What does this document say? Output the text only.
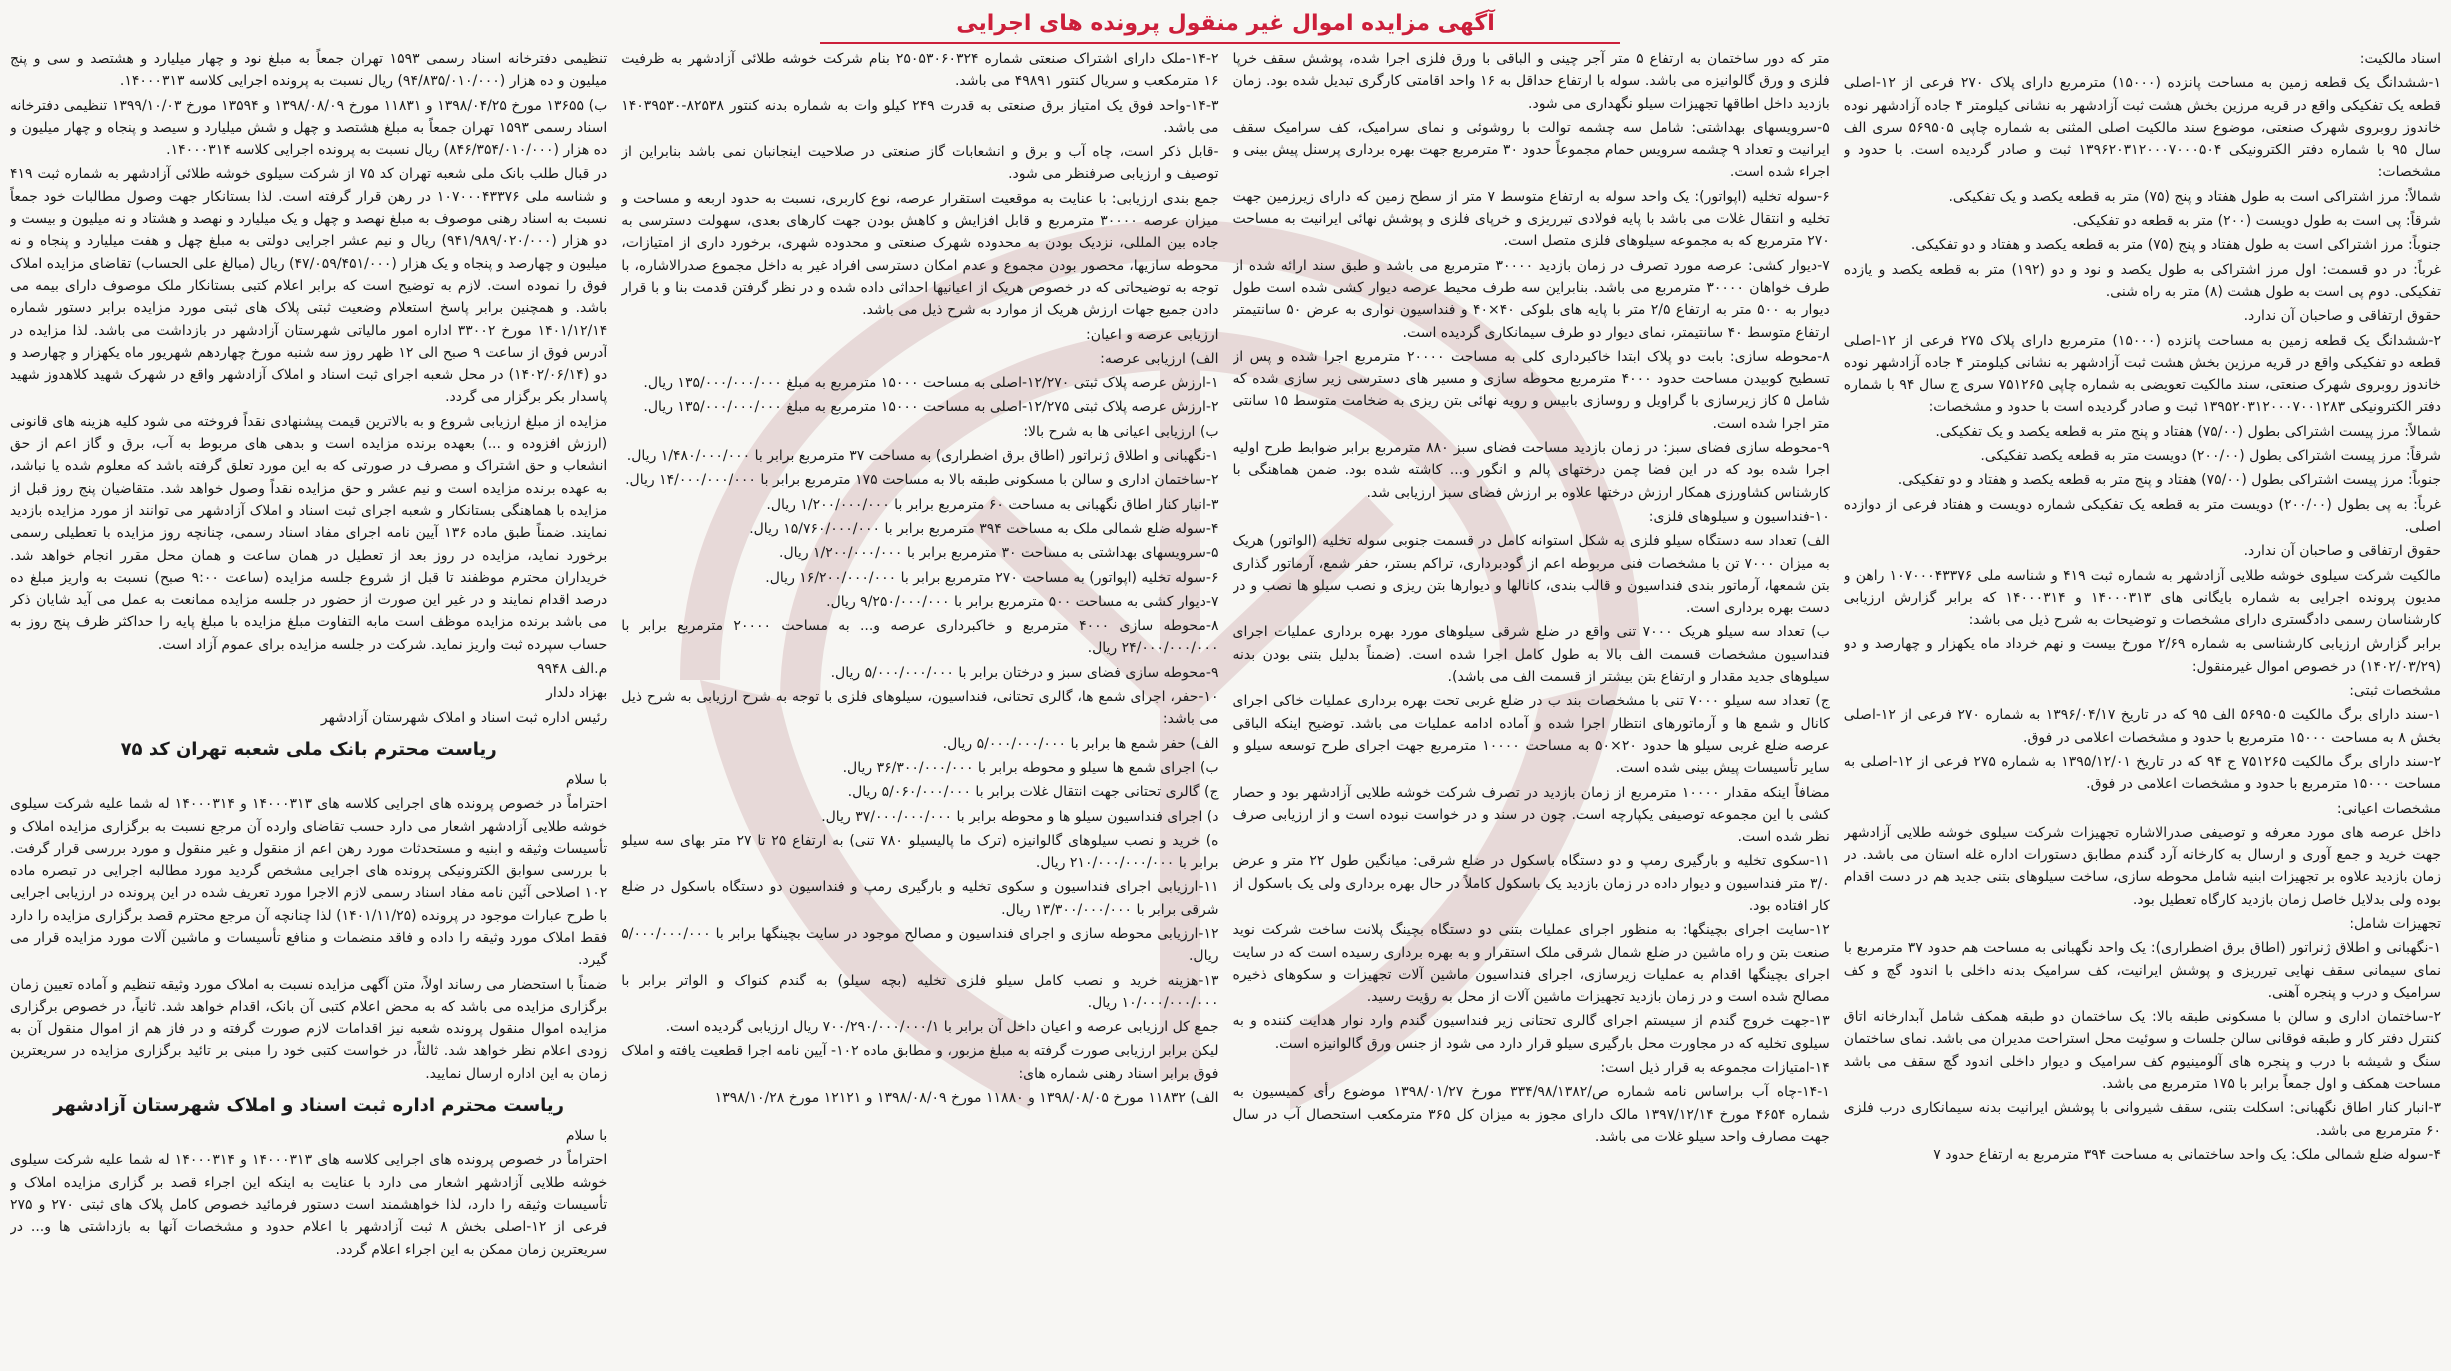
آگهی مزایده اموال غیر منقول پرونده های اجرایی

اسناد مالکیت:

۱-ششدانگ یک قطعه زمین به مساحت پانزده (۱۵۰۰۰) مترمربع دارای پلاک ۲۷۰ فرعی از ۱۲-اصلی قطعه یک تفکیکی واقع در قریه مرزین بخش هشت ثبت آزادشهر به نشانی کیلومتر ۴ جاده آزادشهر نوده خاندوز روبروی شهرک صنعتی، موضوع سند مالکیت اصلی المثنی به شماره چاپی ۵۶۹۵۰۵ سری الف سال ۹۵ با شماره دفتر الکترونیکی ۱۳۹۶۲۰۳۱۲۰۰۰۷۰۰۰۵۰۴ ثبت و صادر گردیده است. با حدود و مشخصات:

شمالاً: مرز اشتراکی است به طول هفتاد و پنج (۷۵) متر به قطعه یکصد و یک تفکیکی.

شرقاً: پی است به طول دویست (۲۰۰) متر به قطعه دو تفکیکی.

جنوباً: مرز اشتراکی است به طول هفتاد و پنج (۷۵) متر به قطعه یکصد و هفتاد و دو تفکیکی.

غرباً: در دو قسمت: اول مرز اشتراکی به طول یکصد و نود و دو (۱۹۲) متر به قطعه یکصد و یازده تفکیکی. دوم پی است به طول هشت (۸) متر به راه شنی.

حقوق ارتفاقی و صاحبان آن ندارد.

۲-ششدانگ یک قطعه زمین به مساحت پانزده (۱۵۰۰۰) مترمربع دارای پلاک ۲۷۵ فرعی از ۱۲-اصلی قطعه دو تفکیکی واقع در قریه مرزین بخش هشت ثبت آزادشهر به نشانی کیلومتر ۴ جاده آزادشهر نوده خاندوز روبروی شهرک صنعتی، سند مالکیت تعویضی به شماره چاپی ۷۵۱۲۶۵ سری ج سال ۹۴ با شماره دفتر الکترونیکی ۱۳۹۵۲۰۳۱۲۰۰۰۷۰۰۱۲۸۳ ثبت و صادر گردیده است با حدود و مشخصات:

شمالاً: مرز پیست اشتراکی بطول (۷۵/۰۰) هفتاد و پنج متر به قطعه یکصد و یک تفکیکی.

شرقاً: مرز پیست اشتراکی بطول (۲۰۰/۰۰) دویست متر به قطعه یکصد تفکیکی.

جنوباً: مرز پیست اشتراکی بطول (۷۵/۰۰) هفتاد و پنج متر به قطعه یکصد و هفتاد و دو تفکیکی.

غرباً: به پی بطول (۲۰۰/۰۰) دویست متر به قطعه یک تفکیکی شماره دویست و هفتاد فرعی از دوازده اصلی.

حقوق ارتفاقی و صاحبان آن ندارد.

مالکیت شرکت سیلوی خوشه طلایی آزادشهر به شماره ثبت ۴۱۹ و شناسه ملی ۱۰۷۰۰۰۴۳۳۷۶ راهن و مدیون پرونده اجرایی به شماره بایگانی های ۱۴۰۰۰۳۱۳ و ۱۴۰۰۰۳۱۴ که برابر گزارش ارزیابی کارشناسان رسمی دادگستری دارای مشخصات و توضیحات به شرح ذیل می باشد:

برابر گزارش ارزیابی کارشناسی به شماره ۲/۶۹ مورخ بیست و نهم خرداد ماه یکهزار و چهارصد و دو (۱۴۰۲/۰۳/۲۹) در خصوص اموال غیرمنقول:

مشخصات ثبتی:

۱-سند دارای برگ مالکیت ۵۶۹۵۰۵ الف ۹۵ که در تاریخ ۱۳۹۶/۰۴/۱۷ به شماره ۲۷۰ فرعی از ۱۲-اصلی بخش ۸ به مساحت ۱۵۰۰۰ مترمربع با حدود و مشخصات اعلامی در فوق.

۲-سند دارای برگ مالکیت ۷۵۱۲۶۵ ج ۹۴ که در تاریخ ۱۳۹۵/۱۲/۰۱ به شماره ۲۷۵ فرعی از ۱۲-اصلی به مساحت ۱۵۰۰۰ مترمربع با حدود و مشخصات اعلامی در فوق.

مشخصات اعیانی:

داخل عرصه های مورد معرفه و توصیفی صدرالاشاره تجهیزات شرکت سیلوی خوشه طلایی آزادشهر جهت خرید و جمع آوری و ارسال به کارخانه آرد گندم مطابق دستورات اداره غله استان می باشد. در زمان بازدید علاوه بر تجهیزات ابنیه شامل محوطه سازی، ساخت سیلوهای بتنی جدید هم در دست اقدام بوده ولی بدلایل خاصل زمان بازدید کارگاه تعطیل بود.

تجهیزات شامل:

۱-نگهبانی و اطلاق ژنراتور (اطاق برق اضطراری): یک واحد نگهبانی به مساحت هم حدود ۳۷ مترمربع با نمای سیمانی سقف نهایی تیرریزی و پوشش ایرانیت، کف سرامیک بدنه داخلی با اندود گچ و کف سرامیک و درب و پنجره آهنی.

۲-ساختمان اداری و سالن با مسکونی طبقه بالا: یک ساختمان دو طبقه همکف شامل آبدارخانه اتاق کنترل دفتر کار و طبقه فوقانی سالن جلسات و سوئیت محل استراحت مدیران می باشد. نمای ساختمان سنگ و شیشه با درب و پنجره های آلومینیوم کف سرامیک و دیوار داخلی اندود گچ سقف می باشد مساحت همکف و اول جمعاً برابر با ۱۷۵ مترمربع می باشد.

۳-انبار کنار اطاق نگهبانی: اسکلت بتنی، سقف شیروانی با پوشش ایرانیت بدنه سیمانکاری درب فلزی ۶۰ مترمربع می باشد.

۴-سوله ضلع شمالی ملک: یک واحد ساختمانی به مساحت ۳۹۴ مترمربع به ارتفاع حدود ۷

متر که دور ساختمان به ارتفاع ۵ متر آجر چینی و الباقی با ورق فلزی اجرا شده، پوشش سقف خرپا فلزی و ورق گالوانیزه می باشد. سوله با ارتفاع حداقل به ۱۶ واحد اقامتی کارگری تبدیل شده بود. زمان بازدید داخل اطاقها تجهیزات سیلو نگهداری می شود.

۵-سرویسهای بهداشتی: شامل سه چشمه توالت با روشوئی و نمای سرامیک، کف سرامیک سقف ایرانیت و تعداد ۹ چشمه سرویس حمام مجموعاً حدود ۳۰ مترمربع جهت بهره برداری پرسنل پیش بینی و اجراء شده است.

۶-سوله تخلیه (اپواتور): یک واحد سوله به ارتفاع متوسط ۷ متر از سطح زمین که دارای زیرزمین جهت تخلیه و انتقال غلات می باشد با پایه فولادی تیرریزی و خرپای فلزی و پوشش نهائی ایرانیت به مساحت ۲۷۰ مترمربع که به مجموعه سیلوهای فلزی متصل است.

۷-دیوار کشی: عرصه مورد تصرف در زمان بازدید ۳۰۰۰۰ مترمربع می باشد و طبق سند ارائه شده از طرف خواهان ۳۰۰۰۰ مترمربع می باشد. بنابراین سه طرف محیط عرصه دیوار کشی شده است طول دیوار به ۵۰۰ متر به ارتفاع ۲/۵ متر با پایه های بلوکی ۴۰×۴۰ و فنداسیون نواری به عرض ۵۰ سانتیمتر ارتفاع متوسط ۴۰ سانتیمتر، نمای دیوار دو طرف سیمانکاری گردیده است.

۸-محوطه سازی: بابت دو پلاک ابتدا خاکبرداری کلی به مساحت ۲۰۰۰۰ مترمربع اجرا شده و پس از تسطیح کوبیدن مساحت حدود ۴۰۰۰ مترمربع محوطه سازی و مسیر های دسترسی زیر سازی شده که شامل ۵ کاز زیرسازی با گراویل و روسازی بابیس و رویه نهائی بتن ریزی به ضخامت متوسط ۱۵ سانتی متر اجرا شده است.

۹-محوطه سازی فضای سبز: در زمان بازدید مساحت فضای سبز ۸۸۰ مترمربع برابر ضوابط طرح اولیه اجرا شده بود که در این فضا چمن درختهای پالم و انگور و... کاشته شده بود. ضمن هماهنگی با کارشناس کشاورزی همکار ارزش درختها علاوه بر ارزش فضای سبز ارزیابی شد.

۱۰-فنداسیون و سیلوهای فلزی:

الف) تعداد سه دستگاه سیلو فلزی به شکل استوانه کامل در قسمت جنوبی سوله تخلیه (الواتور) هریک به میزان ۷۰۰۰ تن با مشخصات فنی مربوطه اعم از گودبرداری، تراکم بستر، حفر شمع، آرماتور گذاری بتن شمعها، آرماتور بندی فنداسیون و قالب بندی، کانالها و دیوارها بتن ریزی و نصب سیلو ها نصب و در دست بهره برداری است.

ب) تعداد سه سیلو هریک ۷۰۰۰ تنی واقع در ضلع شرقی سیلوهای مورد بهره برداری عملیات اجرای فنداسیون مشخصات قسمت الف بالا به طول کامل اجرا شده است. (ضمناً بدلیل بتنی بودن بدنه سیلوهای جدید مقدار و ارتفاع بتن بیشتر از قسمت الف می باشد).

ج) تعداد سه سیلو ۷۰۰۰ تنی با مشخصات بند ب در ضلع غربی تحت بهره برداری عملیات خاکی اجرای کانال و شمع ها و آرماتورهای انتظار اجرا شده و آماده ادامه عملیات می باشد. توضیح اینکه الباقی عرصه ضلع غربی سیلو ها حدود ۲۰×۵۰ به مساحت ۱۰۰۰۰ مترمربع جهت اجرای طرح توسعه سیلو و سایر تأسیسات پیش بینی شده است.

مضافاً اینکه مقدار ۱۰۰۰۰ مترمربع از زمان بازدید در تصرف شرکت خوشه طلایی آزادشهر بود و حصار کشی با این مجموعه توصیفی یکپارچه است. چون در سند و در خواست نبوده است و از ارزیابی صرف نظر شده است.

۱۱-سکوی تخلیه و بارگیری رمپ و دو دستگاه باسکول در ضلع شرقی: میانگین طول ۲۲ متر و عرض ۳/۰ متر فنداسیون و دیوار داده در زمان بازدید یک باسکول کاملاً در حال بهره برداری ولی یک باسکول از کار افتاده بود.

۱۲-سایت اجرای بچینگها: به منظور اجرای عملیات بتنی دو دستگاه بچینگ پلانت ساخت شرکت نوید صنعت بتن و راه ماشین در ضلع شمال شرقی ملک استقرار و به بهره برداری رسیده است که در سایت اجرای بچینگها اقدام به عملیات زیرسازی، اجرای فنداسیون ماشین آلات تجهیزات و سکوهای ذخیره مصالح شده است و در زمان بازدید تجهیزات ماشین آلات از محل به رؤیت رسید.

۱۳-جهت خروج گندم از سیستم اجرای گالری تحتانی زیر فنداسیون گندم وارد نوار هدایت کننده و به سیلوی تخلیه که در مجاورت محل بارگیری سیلو قرار دارد می شود از جنس ورق گالوانیزه است.

۱۴-امتیازات مجموعه به قرار ذیل است:

۱۴-۱-چاه آب براساس نامه شماره ص/۳۳۴/۹۸/۱۳۸۲ مورخ ۱۳۹۸/۰۱/۲۷ موضوع رأی کمیسیون به شماره ۴۶۵۴ مورخ ۱۳۹۷/۱۲/۱۴ مالک دارای مجوز به میزان کل ۳۶۵ مترمکعب استحصال آب در سال جهت مصارف واحد سیلو غلات می باشد.

۱۴-۲-ملک دارای اشتراک صنعتی شماره ۲۵۰۵۳۰۶۰۳۲۴ بنام شرکت خوشه طلائی آزادشهر به ظرفیت ۱۶ مترمکعب و سریال کنتور ۴۹۸۹۱ می باشد.

۱۴-۳-واحد فوق یک امتیاز برق صنعتی به قدرت ۲۴۹ کیلو وات به شماره بدنه کنتور ۸۲۵۳۸-۱۴۰۳۹۵۳۰ می باشد.

-قابل ذکر است، چاه آب و برق و انشعابات گاز صنعتی در صلاحیت اینجانبان نمی باشد بنابراین از توصیف و ارزیابی صرفنظر می شود.

جمع بندی ارزیابی: با عنایت به موقعیت استقرار عرصه، نوع کاربری، نسبت به حدود اربعه و مساحت و میزان عرصه ۳۰۰۰۰ مترمربع و قابل افزایش و کاهش بودن جهت کارهای بعدی، سهولت دسترسی به جاده بین المللی، نزدیک بودن به محدوده شهرک صنعتی و محدوده شهری، برخورد داری از امتیازات، محوطه سازیها، محصور بودن مجموع و عدم امکان دسترسی افراد غیر به داخل مجموع صدرالاشاره، با توجه به توضیحاتی که در خصوص هریک از اعیانیها احداثی داده شده و در نظر گرفتن قدمت بنا و با قرار دادن جمیع جهات ارزش هریک از موارد به شرح ذیل می باشد.

ارزیابی عرصه و اعیان:

الف) ارزیابی عرصه:

۱-ارزش عرصه پلاک ثبتی ۱۲/۲۷۰-اصلی به مساحت ۱۵۰۰۰ مترمربع به مبلغ ۱۳۵/۰۰۰/۰۰۰/۰۰۰ ریال.

۲-ارزش عرصه پلاک ثبتی ۱۲/۲۷۵-اصلی به مساحت ۱۵۰۰۰ مترمربع به مبلغ ۱۳۵/۰۰۰/۰۰۰/۰۰۰ ریال.

ب) ارزیابی اعیانی ها به شرح بالا:

۱-نگهبانی و اطلاق ژنراتور (اطاق برق اضطراری) به مساحت ۳۷ مترمربع برابر با ۱/۴۸۰/۰۰۰/۰۰۰ ریال.

۲-ساختمان اداری و سالن با مسکونی طبقه بالا به مساحت ۱۷۵ مترمربع برابر با ۱۴/۰۰۰/۰۰۰/۰۰۰ ریال.

۳-انبار کنار اطاق نگهبانی به مساحت ۶۰ مترمربع برابر با ۱/۲۰۰/۰۰۰/۰۰۰ ریال.

۴-سوله ضلع شمالی ملک به مساحت ۳۹۴ مترمربع برابر با ۱۵/۷۶۰/۰۰۰/۰۰۰ ریال.

۵-سرویسهای بهداشتی به مساحت ۳۰ مترمربع برابر با ۱/۲۰۰/۰۰۰/۰۰۰ ریال.

۶-سوله تخلیه (اپواتور) به مساحت ۲۷۰ مترمربع برابر با ۱۶/۲۰۰/۰۰۰/۰۰۰ ریال.

۷-دیوار کشی به مساحت ۵۰۰ مترمربع برابر با ۹/۲۵۰/۰۰۰/۰۰۰ ریال.

۸-محوطه سازی ۴۰۰۰ مترمربع و خاکبرداری عرصه و... به مساحت ۲۰۰۰۰ مترمربع برابر با ۲۴/۰۰۰/۰۰۰/۰۰۰ ریال.

۹-محوطه سازی فضای سبز و درختان برابر با ۵/۰۰۰/۰۰۰/۰۰۰ ریال.

۱۰-حفر، اجرای شمع ها، گالری تحتانی، فنداسیون، سیلوهای فلزی با توجه به شرح ارزیابی به شرح ذیل می باشد:

الف) حفر شمع ها برابر با ۵/۰۰۰/۰۰۰/۰۰۰ ریال.

ب) اجرای شمع ها سیلو و محوطه برابر با ۳۶/۳۰۰/۰۰۰/۰۰۰ ریال.

ج) گالری تحتانی جهت انتقال غلات برابر با ۵/۰۶۰/۰۰۰/۰۰۰ ریال.

د) اجرای فنداسیون سیلو ها و محوطه برابر با ۳۷/۰۰۰/۰۰۰/۰۰۰ ریال.

ه) خرید و نصب سیلوهای گالوانیزه (ترک ما پالیسیلو ۷۸۰ تنی) به ارتفاع ۲۵ تا ۲۷ متر بهای سه سیلو برابر با ۲۱۰/۰۰۰/۰۰۰/۰۰۰ ریال.

۱۱-ارزیابی اجرای فنداسیون و سکوی تخلیه و بارگیری رمپ و فنداسیون دو دستگاه باسکول در ضلع شرقی برابر با ۱۳/۳۰۰/۰۰۰/۰۰۰ ریال.

۱۲-ارزیابی محوطه سازی و اجرای فنداسیون و مصالح موجود در سایت بچینگها برابر با ۵/۰۰۰/۰۰۰/۰۰۰ ریال.

۱۳-هزینه خرید و نصب کامل سیلو فلزی تخلیه (بچه سیلو) به گندم کنواک و الواتر برابر با ۱۰/۰۰۰/۰۰۰/۰۰۰ ریال.

جمع کل ارزیابی عرصه و اعیان داخل آن برابر با ۷۰۰/۲۹۰/۰۰۰/۰۰۰/۱ ریال ارزیابی گردیده است.

لیکن برابر ارزیابی صورت گرفته به مبلغ مزبور، و مطابق ماده ۱۰۲- آیین نامه اجرا قطعیت یافته و املاک فوق برابر اسناد رهنی شماره های:

الف) ۱۱۸۳۲ مورخ ۱۳۹۸/۰۸/۰۵ و ۱۱۸۸۰ مورخ ۱۳۹۸/۰۸/۰۹ و ۱۲۱۲۱ مورخ ۱۳۹۸/۱۰/۲۸

تنظیمی دفترخانه اسناد رسمی ۱۵۹۳ تهران جمعاً به مبلغ نود و چهار میلیارد و هشتصد و سی و پنج میلیون و ده هزار (۹۴/۸۳۵/۰۱۰/۰۰۰) ریال نسبت به پرونده اجرایی کلاسه ۱۴۰۰۰۳۱۳.

ب) ۱۳۶۵۵ مورخ ۱۳۹۸/۰۴/۲۵ و ۱۱۸۳۱ مورخ ۱۳۹۸/۰۸/۰۹ و ۱۳۵۹۴ مورخ ۱۳۹۹/۱۰/۰۳ تنظیمی دفترخانه اسناد رسمی ۱۵۹۳ تهران جمعاً به مبلغ هشتصد و چهل و شش میلیارد و سیصد و پنجاه و چهار میلیون و ده هزار (۸۴۶/۳۵۴/۰۱۰/۰۰۰) ریال نسبت به پرونده اجرایی کلاسه ۱۴۰۰۰۳۱۴.

در قبال طلب بانک ملی شعبه تهران کد ۷۵ از شرکت سیلوی خوشه طلائی آزادشهر به شماره ثبت ۴۱۹ و شناسه ملی ۱۰۷۰۰۰۴۳۳۷۶ در رهن قرار گرفته است. لذا بستانکار جهت وصول مطالبات خود جمعاً نسبت به اسناد رهنی موصوف به مبلغ نهصد و چهل و یک میلیارد و نهصد و هشتاد و نه میلیون و بیست و دو هزار (۹۴۱/۹۸۹/۰۲۰/۰۰۰) ریال و نیم عشر اجرایی دولتی به مبلغ چهل و هفت میلیارد و پنجاه و نه میلیون و چهارصد و پنجاه و یک هزار (۴۷/۰۵۹/۴۵۱/۰۰۰) ریال (مبالغ علی الحساب) تقاضای مزایده املاک فوق را نموده است. لازم به توضیح است که برابر اعلام کتبی بستانکار ملک موصوف دارای بیمه می باشد. و همچنین برابر پاسخ استعلام وضعیت ثبتی پلاک های ثبتی مورد مزایده برابر دستور شماره ۱۴۰۱/۱۲/۱۴ مورخ ۳۳۰۰۲ اداره امور مالیاتی شهرستان آزادشهر در بازداشت می باشد. لذا مزایده در آدرس فوق از ساعت ۹ صبح الی ۱۲ ظهر روز سه شنبه مورخ چهاردهم شهریور ماه یکهزار و چهارصد و دو (۱۴۰۲/۰۶/۱۴) در محل شعبه اجرای ثبت اسناد و املاک آزادشهر واقع در شهرک شهید کلاهدوز شهید پاسدار بکر برگزار می گردد.

مزایده از مبلغ ارزیابی شروع و به بالاترین قیمت پیشنهادی نقداً فروخته می شود کلیه هزینه های قانونی (ارزش افزوده و ...) بعهده برنده مزایده است و بدهی های مربوط به آب، برق و گاز اعم از حق انشعاب و حق اشتراک و مصرف در صورتی که به این مورد تعلق گرفته باشد که معلوم شده یا نباشد، به عهده برنده مزایده است و نیم عشر و حق مزایده نقداً وصول خواهد شد. متقاضیان پنج روز قبل از مزایده با هماهنگی بستانکار و شعبه اجرای ثبت اسناد و املاک آزادشهر می توانند از مورد مزایده بازدید نمایند. ضمناً طبق ماده ۱۳۶ آیین نامه اجرای مفاد اسناد رسمی، چنانچه روز مزایده با تعطیلی رسمی برخورد نماید، مزایده در روز بعد از تعطیل در همان ساعت و همان محل مقرر انجام خواهد شد. خریداران محترم موظفند تا قبل از شروع جلسه مزایده (ساعت ۹:۰۰ صبح) نسبت به واریز مبلغ ده درصد اقدام نمایند و در غیر این صورت از حضور در جلسه مزایده ممانعت به عمل می آید شایان ذکر می باشد برنده مزایده موظف است مابه التفاوت مبلغ مزایده با مبلغ پایه را حداکثر ظرف پنج روز به حساب سپرده ثبت واریز نماید. شرکت در جلسه مزایده برای عموم آزاد است.

م.الف ۹۹۴۸

بهزاد دلدار

رئیس اداره ثبت اسناد و املاک شهرستان آزادشهر

ریاست محترم بانک ملی شعبه تهران کد ۷۵

با سلام

احتراماً در خصوص پرونده های اجرایی کلاسه های ۱۴۰۰۰۳۱۳ و ۱۴۰۰۰۳۱۴ له شما علیه شرکت سیلوی خوشه طلایی آزادشهر اشعار می دارد حسب تقاضای وارده آن مرجع نسبت به برگزاری مزایده املاک و تأسیسات وثیقه و ابنیه و مستحدثات مورد رهن اعم از منقول و غیر منقول و مورد بررسی قرار گرفت. با بررسی سوابق الکترونیکی پرونده های اجرایی مشخص گردید مورد مطالبه اجرایی در تبصره ماده ۱۰۲ اصلاحی آئین نامه مفاد اسناد رسمی لازم الاجرا مورد تعریف شده در این پرونده در ارزیابی اجرایی با طرح عبارات موجود در پرونده (۱۴۰۱/۱۱/۲۵) لذا چنانچه آن مرجع محترم قصد برگزاری مزایده را دارد فقط املاک مورد وثیقه را داده و فاقد منضمات و منافع تأسیسات و ماشین آلات مورد مزایده قرار می گیرد.

ضمناً با استحضار می رساند اولاً، متن آگهی مزایده نسبت به املاک مورد وثیقه تنظیم و آماده تعیین زمان برگزاری مزایده می باشد که به محض اعلام کتبی آن بانک، اقدام خواهد شد. ثانیاً، در خصوص برگزاری مزایده اموال منقول پرونده شعبه نیز اقدامات لازم صورت گرفته و در فاز هم از اموال منقول آن به زودی اعلام نظر خواهد شد. ثالثاً، در خواست کتبی خود را مبنی بر تائید برگزاری مزایده در سریعترین زمان به این اداره ارسال نمایید.

ریاست محترم اداره ثبت اسناد و املاک شهرستان آزادشهر

با سلام

احتراماً در خصوص پرونده های اجرایی کلاسه های ۱۴۰۰۰۳۱۳ و ۱۴۰۰۰۳۱۴ له شما علیه شرکت سیلوی خوشه طلایی آزادشهر اشعار می دارد با عنایت به اینکه این اجراء قصد بر گزاری مزایده املاک و تأسیسات وثیقه را دارد، لذا خواهشمند است دستور فرمائید خصوص کامل پلاک های ثبتی ۲۷۰ و ۲۷۵ فرعی از ۱۲-اصلی بخش ۸ ثبت آزادشهر با اعلام حدود و مشخصات آنها به بازداشتی ها و... در سریعترین زمان ممکن به این اجراء اعلام گردد.
